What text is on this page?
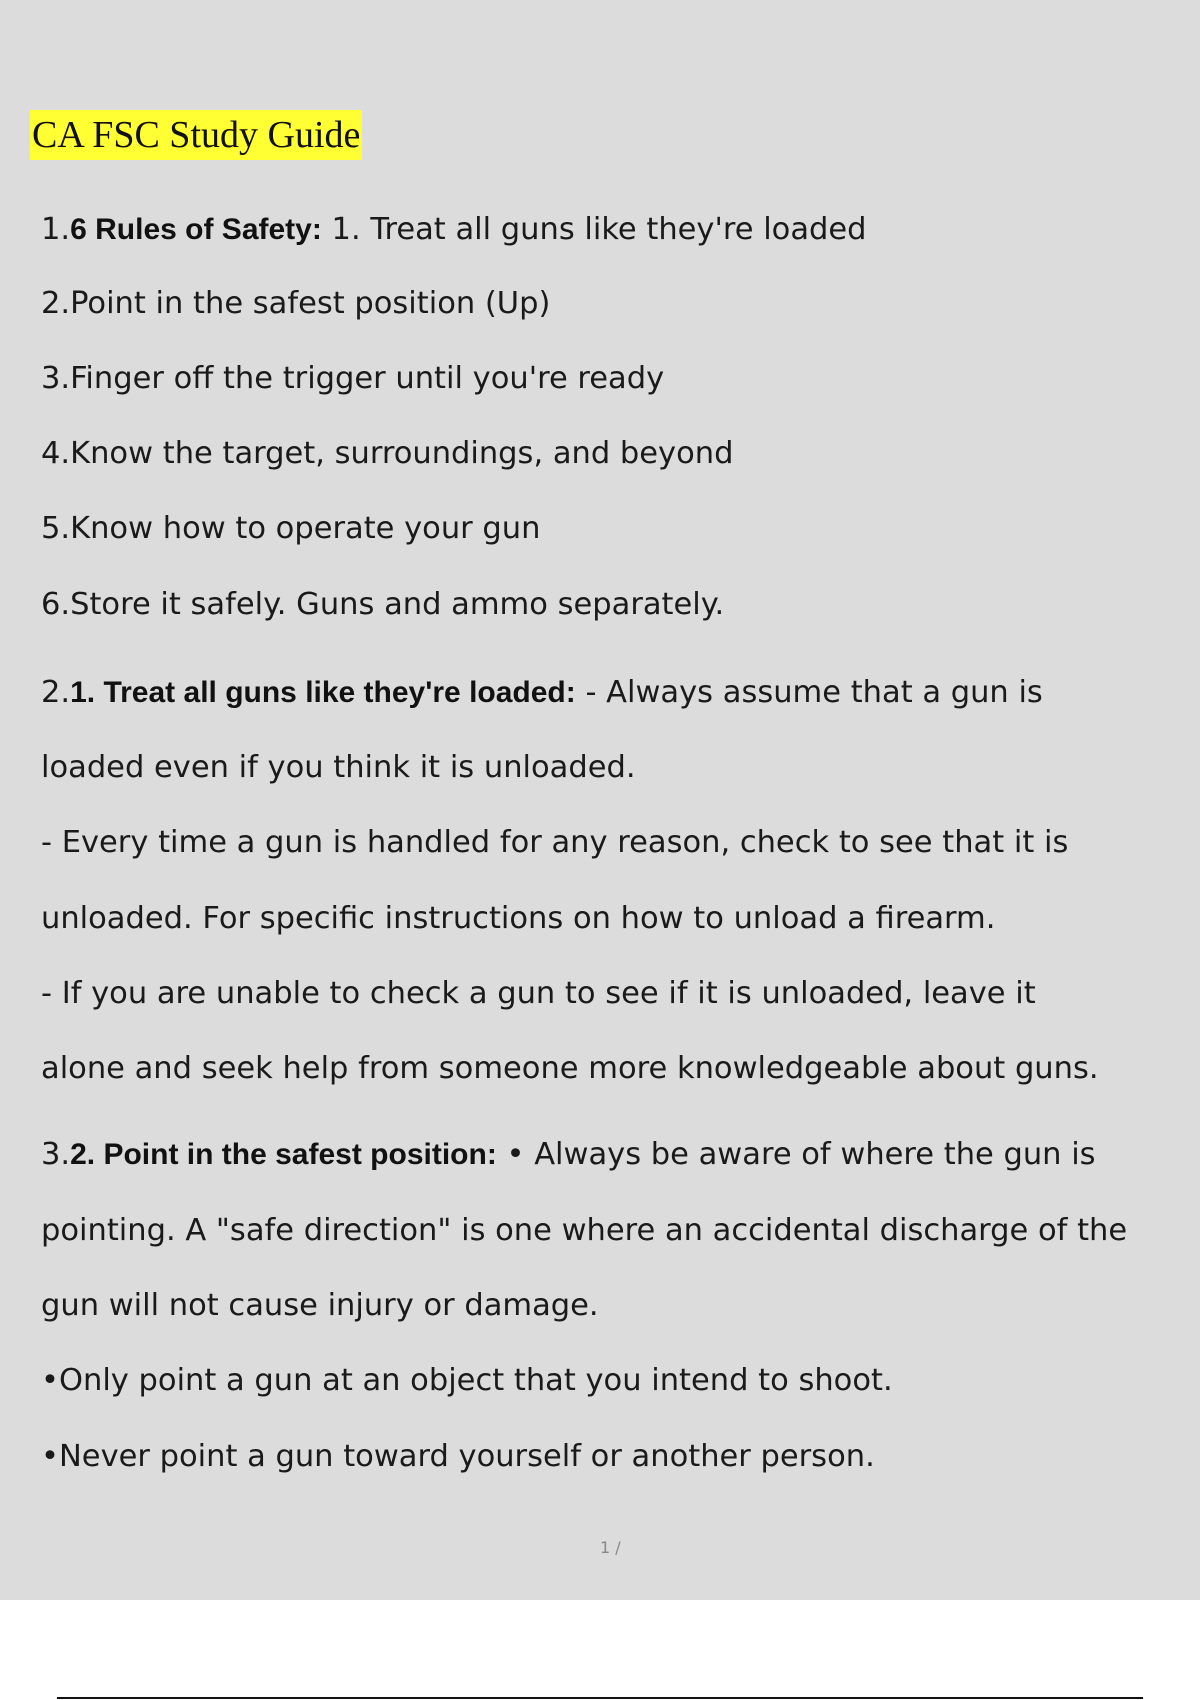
CA FSC Study Guide
1.6 Rules of Safety: 1. Treat all guns like they're loaded
2.Point in the safest position (Up)
3.Finger off the trigger until you're ready
4.Know the target, surroundings, and beyond
5.Know how to operate your gun
6.Store it safely. Guns and ammo separately.
2.1. Treat all guns like they're loaded: - Always assume that a gun is
loaded even if you think it is unloaded.
- Every time a gun is handled for any reason, check to see that it is
unloaded. For specific instructions on how to unload a firearm.
- If you are unable to check a gun to see if it is unloaded, leave it
alone and seek help from someone more knowledgeable about guns.
3.2. Point in the safest position: • Always be aware of where the gun is
pointing. A "safe direction" is one where an accidental discharge of the
gun will not cause injury or damage.
•Only point a gun at an object that you intend to shoot.
•Never point a gun toward yourself or another person.
1 /
